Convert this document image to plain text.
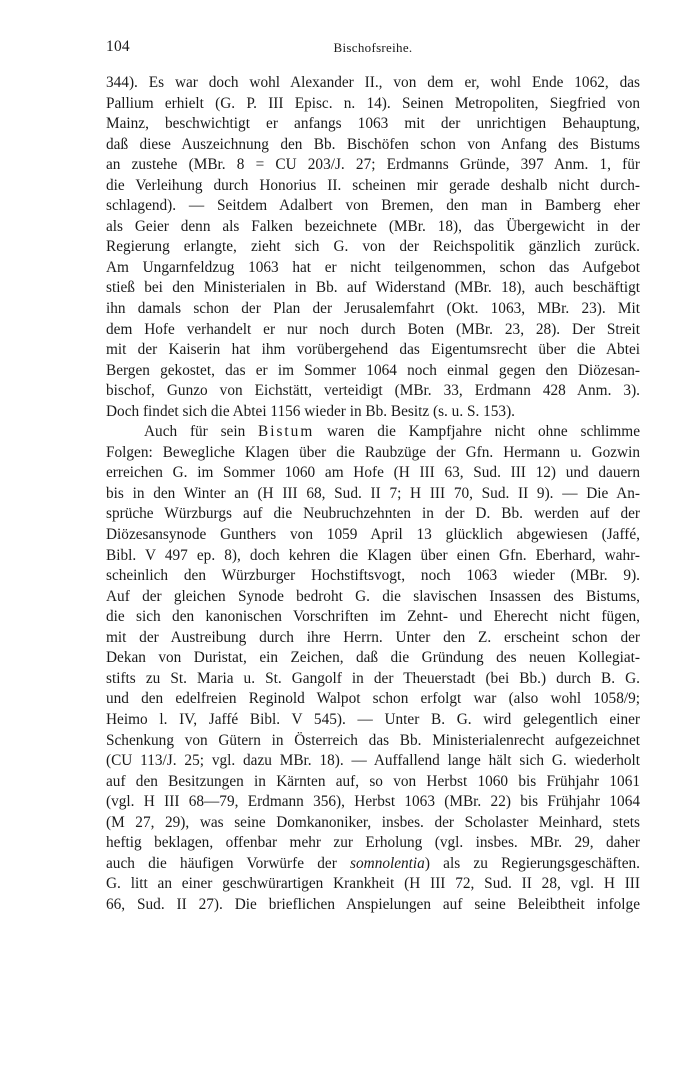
104	Bischofsreihe.
344). Es war doch wohl Alexander II., von dem er, wohl Ende 1062, das
Pallium erhielt (G. P. III Episc. n. 14). Seinen Metropoliten, Siegfried von
Mainz, beschwichtigt er anfangs 1063 mit der unrichtigen Behauptung,
daß diese Auszeichnung den Bb. Bischöfen schon von Anfang des Bistums
an zustehe (MBr. 8 = CU 203/J. 27; Erdmanns Gründe, 397 Anm. 1, für
die Verleihung durch Honorius II. scheinen mir gerade deshalb nicht durch-
schlagend). — Seitdem Adalbert von Bremen, den man in Bamberg eher
als Geier denn als Falken bezeichnete (MBr. 18), das Übergewicht in der
Regierung erlangte, zieht sich G. von der Reichspolitik gänzlich zurück.
Am Ungarnfeldzug 1063 hat er nicht teilgenommen, schon das Aufgebot
stieß bei den Ministerialen in Bb. auf Widerstand (MBr. 18), auch beschäftigt
ihn damals schon der Plan der Jerusalemfahrt (Okt. 1063, MBr. 23). Mit
dem Hofe verhandelt er nur noch durch Boten (MBr. 23, 28). Der Streit
mit der Kaiserin hat ihm vorübergehend das Eigentumsrecht über die Abtei
Bergen gekostet, das er im Sommer 1064 noch einmal gegen den Diözesan-
bischof, Gunzo von Eichstätt, verteidigt (MBr. 33, Erdmann 428 Anm. 3).
Doch findet sich die Abtei 1156 wieder in Bb. Besitz (s. u. S. 153).
Auch für sein Bistum waren die Kampfjahre nicht ohne schlimme
Folgen: Bewegliche Klagen über die Raubzüge der Gfn. Hermann u. Gozwin
erreichen G. im Sommer 1060 am Hofe (H III 63, Sud. III 12) und dauern
bis in den Winter an (H III 68, Sud. II 7; H III 70, Sud. II 9). — Die An-
sprüche Würzburgs auf die Neubruchzehnten in der D. Bb. werden auf der
Diözesansynode Gunthers von 1059 April 13 glücklich abgewiesen (Jaffé,
Bibl. V 497 ep. 8), doch kehren die Klagen über einen Gfn. Eberhard, wahr-
scheinlich den Würzburger Hochstiftsvogt, noch 1063 wieder (MBr. 9).
Auf der gleichen Synode bedroht G. die slavischen Insassen des Bistums,
die sich den kanonischen Vorschriften im Zehnt- und Eherecht nicht fügen,
mit der Austreibung durch ihre Herrn. Unter den Z. erscheint schon der
Dekan von Duristat, ein Zeichen, daß die Gründung des neuen Kollegiat-
stifts zu St. Maria u. St. Gangolf in der Theuerstadt (bei Bb.) durch B. G.
und den edelfreien Reginold Walpot schon erfolgt war (also wohl 1058/9;
Heimo l. IV, Jaffé Bibl. V 545). — Unter B. G. wird gelegentlich einer
Schenkung von Gütern in Österreich das Bb. Ministerialenrecht aufgezeichnet
(CU 113/J. 25; vgl. dazu MBr. 18). — Auffallend lange hält sich G. wiederholt
auf den Besitzungen in Kärnten auf, so von Herbst 1060 bis Frühjahr 1061
(vgl. H III 68—79, Erdmann 356), Herbst 1063 (MBr. 22) bis Frühjahr 1064
(M 27, 29), was seine Domkanoniker, insbes. der Scholaster Meinhard, stets
heftig beklagen, offenbar mehr zur Erholung (vgl. insbes. MBr. 29, daher
auch die häufigen Vorwürfe der somnolentia) als zu Regierungsgeschäften.
G. litt an einer geschwürartigen Krankheit (H III 72, Sud. II 28, vgl. H III
66, Sud. II 27). Die brieflichen Anspielungen auf seine Beleibtheit infolge
